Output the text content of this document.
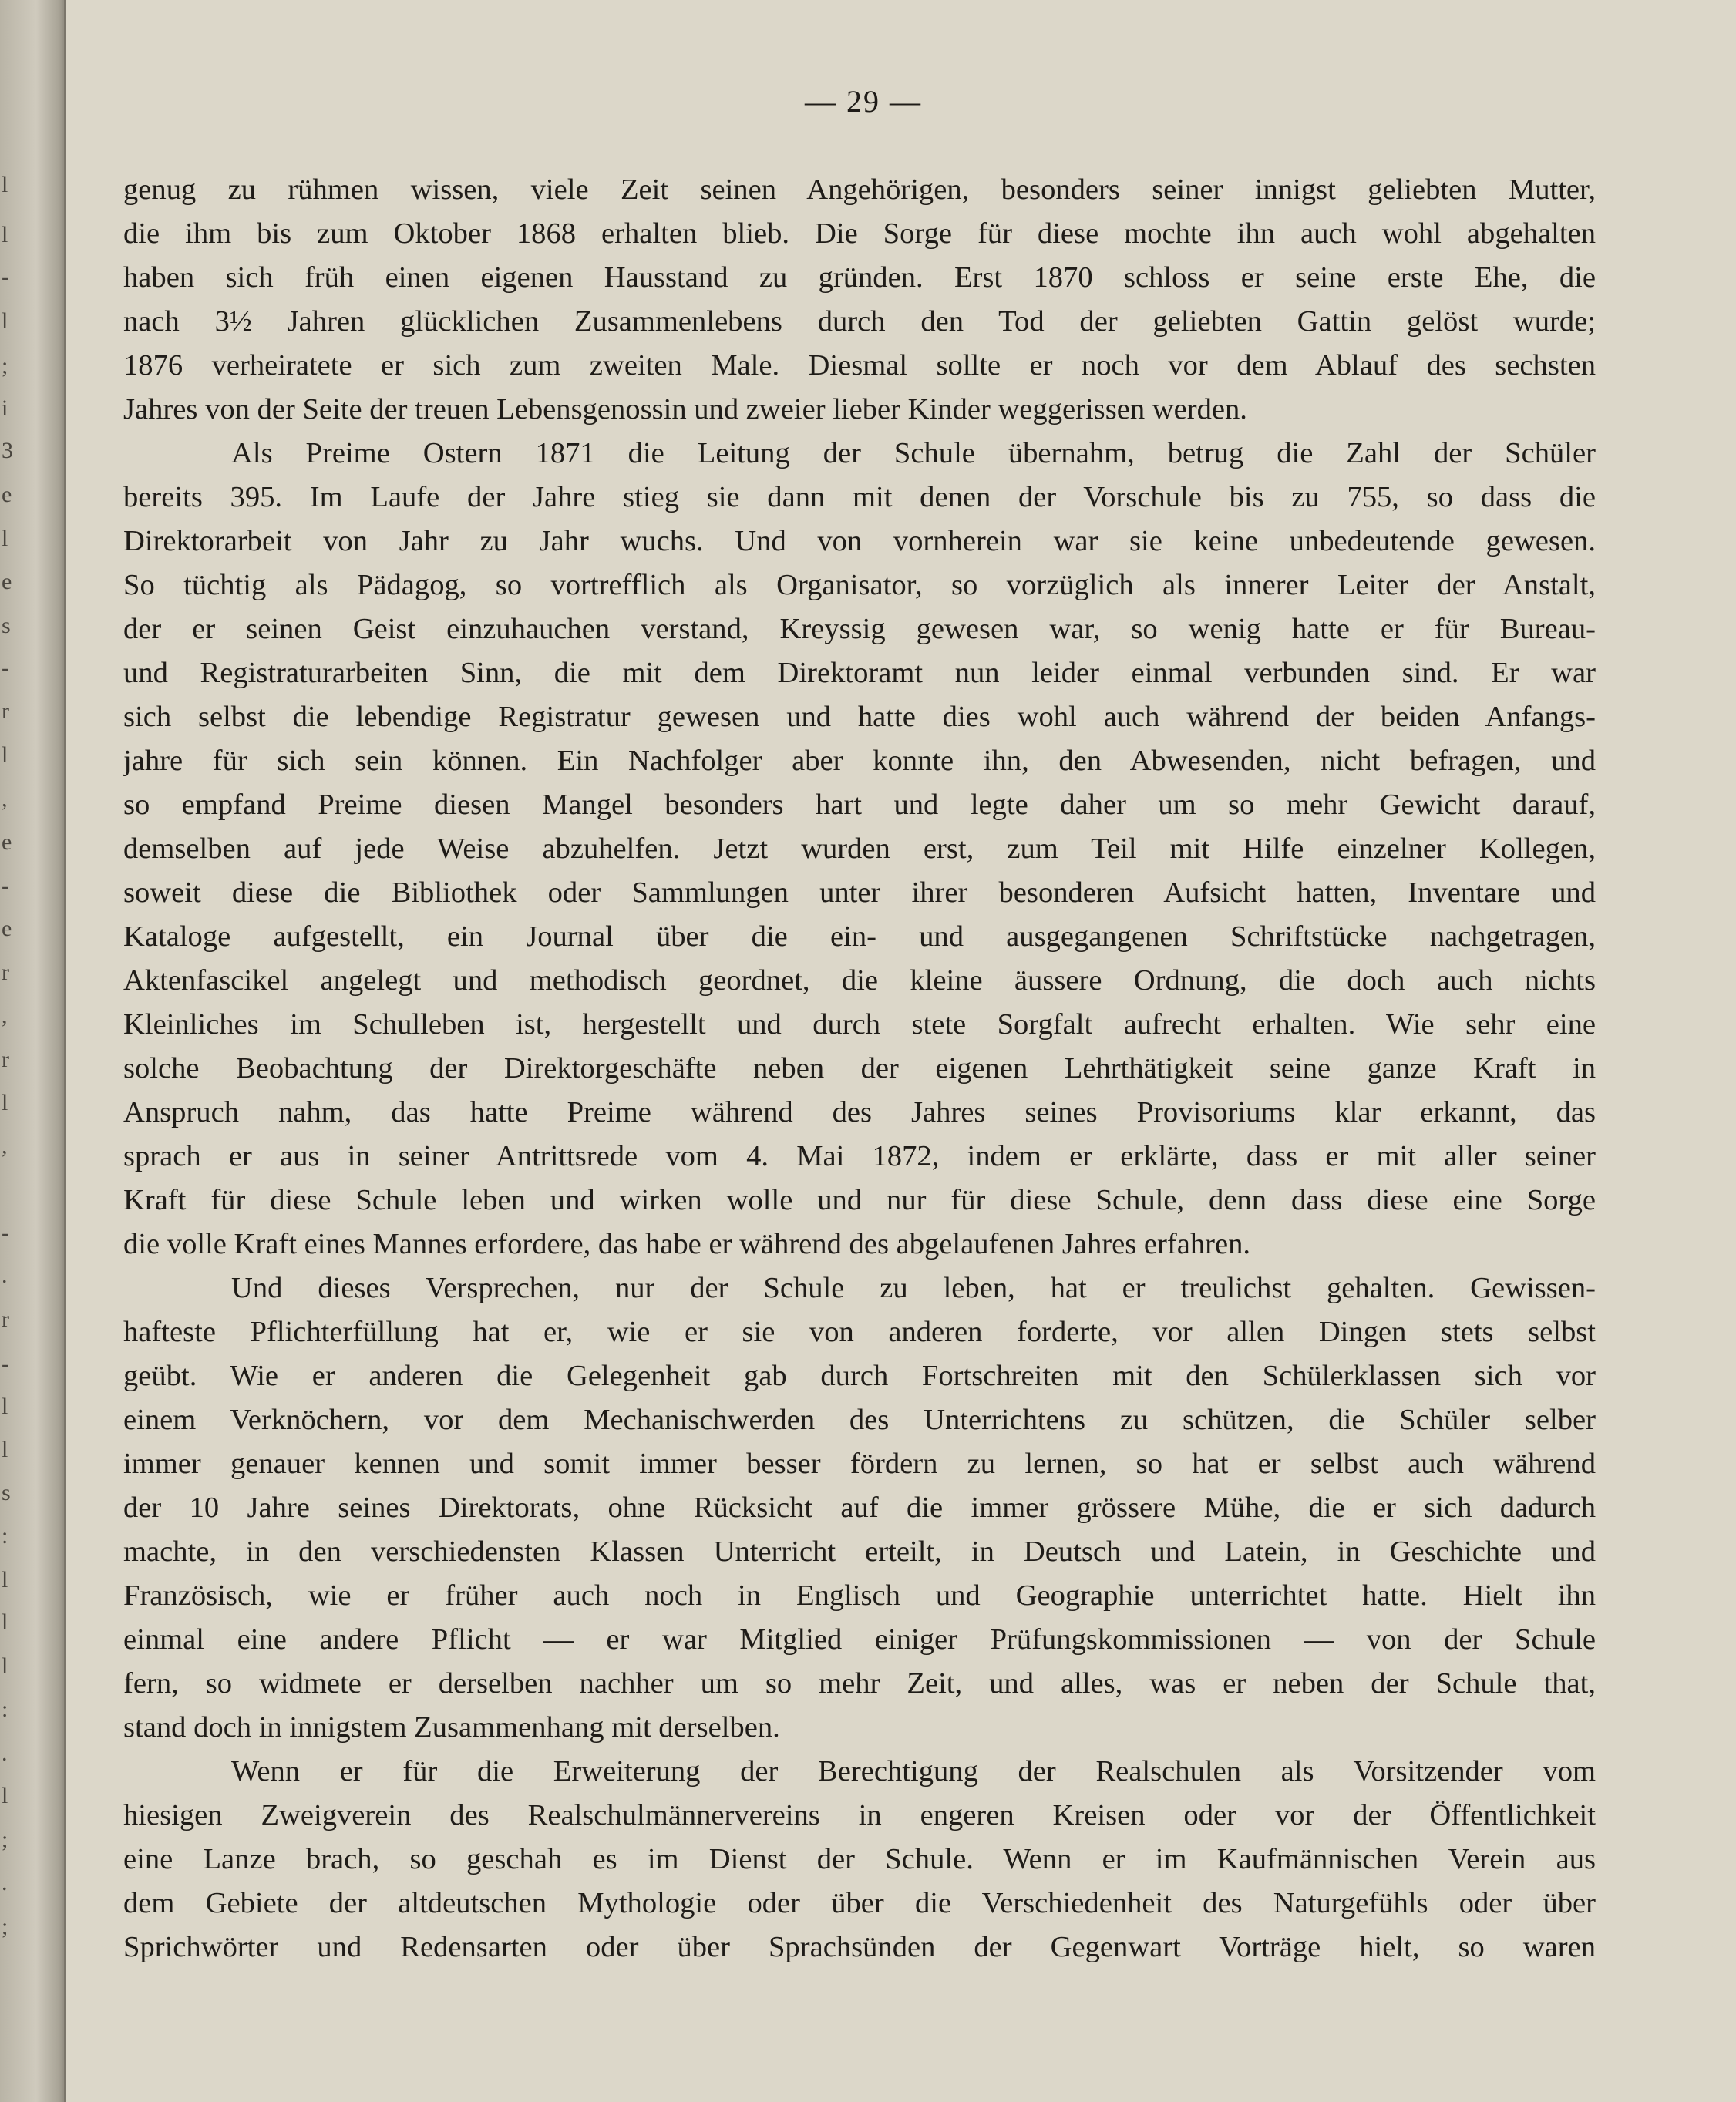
l
l
-
l
;
i
3
e
l
e
s
-
r
l
,
e
-
e
r
,
r
l
,
-
.
r
-
l
l
s
:
l
l
l
:
.
l
;
.
;
— 29 —
genug zu rühmen wissen, viele Zeit seinen Angehörigen, besonders seiner innigst geliebten Mutter,
die ihm bis zum Oktober 1868 erhalten blieb. Die Sorge für diese mochte ihn auch wohl abgehalten
haben sich früh einen eigenen Hausstand zu gründen. Erst 1870 schloss er seine erste Ehe, die
nach 3½ Jahren glücklichen Zusammenlebens durch den Tod der geliebten Gattin gelöst wurde;
1876 verheiratete er sich zum zweiten Male. Diesmal sollte er noch vor dem Ablauf des sechsten
Jahres von der Seite der treuen Lebensgenossin und zweier lieber Kinder weggerissen werden.
Als Preime Ostern 1871 die Leitung der Schule übernahm, betrug die Zahl der Schüler
bereits 395. Im Laufe der Jahre stieg sie dann mit denen der Vorschule bis zu 755, so dass die
Direktorarbeit von Jahr zu Jahr wuchs. Und von vornherein war sie keine unbedeutende gewesen.
So tüchtig als Pädagog, so vortrefflich als Organisator, so vorzüglich als innerer Leiter der Anstalt,
der er seinen Geist einzuhauchen verstand, Kreyssig gewesen war, so wenig hatte er für Bureau-
und Registraturarbeiten Sinn, die mit dem Direktoramt nun leider einmal verbunden sind. Er war
sich selbst die lebendige Registratur gewesen und hatte dies wohl auch während der beiden Anfangs-
jahre für sich sein können. Ein Nachfolger aber konnte ihn, den Abwesenden, nicht befragen, und
so empfand Preime diesen Mangel besonders hart und legte daher um so mehr Gewicht darauf,
demselben auf jede Weise abzuhelfen. Jetzt wurden erst, zum Teil mit Hilfe einzelner Kollegen,
soweit diese die Bibliothek oder Sammlungen unter ihrer besonderen Aufsicht hatten, Inventare und
Kataloge aufgestellt, ein Journal über die ein- und ausgegangenen Schriftstücke nachgetragen,
Aktenfascikel angelegt und methodisch geordnet, die kleine äussere Ordnung, die doch auch nichts
Kleinliches im Schulleben ist, hergestellt und durch stete Sorgfalt aufrecht erhalten. Wie sehr eine
solche Beobachtung der Direktorgeschäfte neben der eigenen Lehrthätigkeit seine ganze Kraft in
Anspruch nahm, das hatte Preime während des Jahres seines Provisoriums klar erkannt, das
sprach er aus in seiner Antrittsrede vom 4. Mai 1872, indem er erklärte, dass er mit aller seiner
Kraft für diese Schule leben und wirken wolle und nur für diese Schule, denn dass diese eine Sorge
die volle Kraft eines Mannes erfordere, das habe er während des abgelaufenen Jahres erfahren.
Und dieses Versprechen, nur der Schule zu leben, hat er treulichst gehalten. Gewissen-
hafteste Pflichterfüllung hat er, wie er sie von anderen forderte, vor allen Dingen stets selbst
geübt. Wie er anderen die Gelegenheit gab durch Fortschreiten mit den Schülerklassen sich vor
einem Verknöchern, vor dem Mechanischwerden des Unterrichtens zu schützen, die Schüler selber
immer genauer kennen und somit immer besser fördern zu lernen, so hat er selbst auch während
der 10 Jahre seines Direktorats, ohne Rücksicht auf die immer grössere Mühe, die er sich dadurch
machte, in den verschiedensten Klassen Unterricht erteilt, in Deutsch und Latein, in Geschichte und
Französisch, wie er früher auch noch in Englisch und Geographie unterrichtet hatte. Hielt ihn
einmal eine andere Pflicht — er war Mitglied einiger Prüfungskommissionen — von der Schule
fern, so widmete er derselben nachher um so mehr Zeit, und alles, was er neben der Schule that,
stand doch in innigstem Zusammenhang mit derselben.
Wenn er für die Erweiterung der Berechtigung der Realschulen als Vorsitzender vom
hiesigen Zweigverein des Realschulmännervereins in engeren Kreisen oder vor der Öffentlichkeit
eine Lanze brach, so geschah es im Dienst der Schule. Wenn er im Kaufmännischen Verein aus
dem Gebiete der altdeutschen Mythologie oder über die Verschiedenheit des Naturgefühls oder über
Sprichwörter und Redensarten oder über Sprachsünden der Gegenwart Vorträge hielt, so waren
